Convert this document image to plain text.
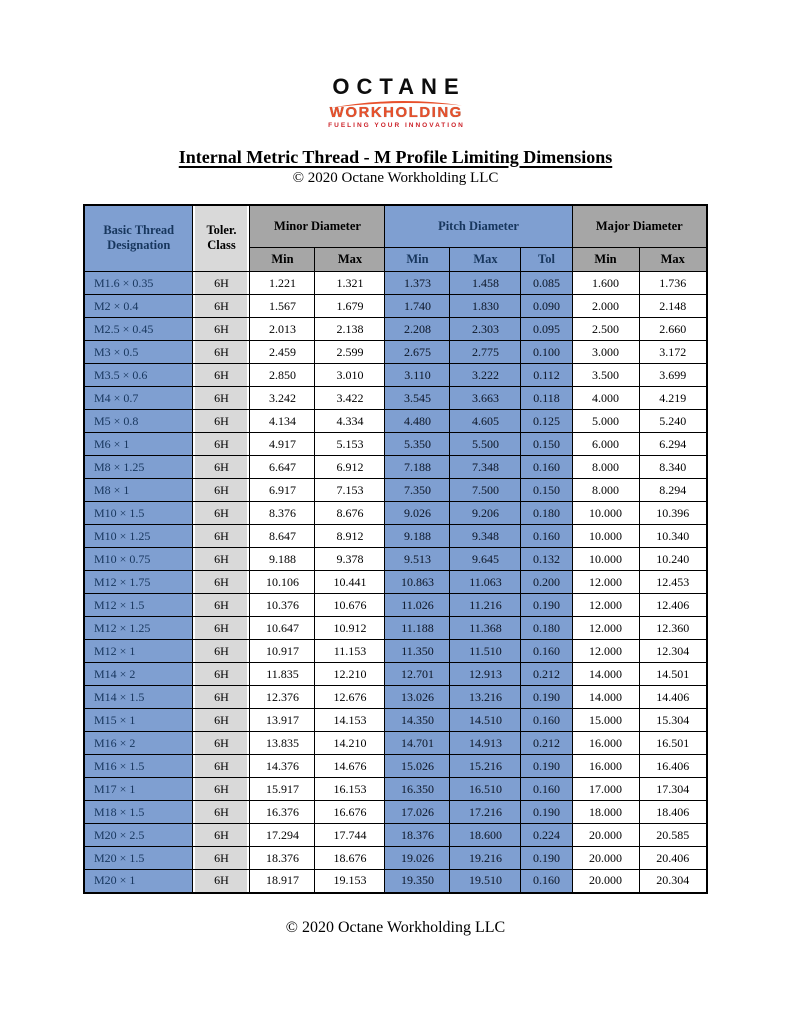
OCTANE
WORKHOLDING
FUELING YOUR INNOVATION
Internal Metric Thread - M Profile Limiting Dimensions
© 2020 Octane Workholding LLC
Basic Thread Designation	Toler. Class	Minor Diameter		Pitch Diameter			Major Diameter	
		Min	Max	Min	Max	Tol	Min	Max
M1.6 × 0.35	6H	1.221	1.321	1.373	1.458	0.085	1.600	1.736
M2 × 0.4	6H	1.567	1.679	1.740	1.830	0.090	2.000	2.148
M2.5 × 0.45	6H	2.013	2.138	2.208	2.303	0.095	2.500	2.660
M3 × 0.5	6H	2.459	2.599	2.675	2.775	0.100	3.000	3.172
M3.5 × 0.6	6H	2.850	3.010	3.110	3.222	0.112	3.500	3.699
M4 × 0.7	6H	3.242	3.422	3.545	3.663	0.118	4.000	4.219
M5 × 0.8	6H	4.134	4.334	4.480	4.605	0.125	5.000	5.240
M6 × 1	6H	4.917	5.153	5.350	5.500	0.150	6.000	6.294
M8 × 1.25	6H	6.647	6.912	7.188	7.348	0.160	8.000	8.340
M8 × 1	6H	6.917	7.153	7.350	7.500	0.150	8.000	8.294
M10 × 1.5	6H	8.376	8.676	9.026	9.206	0.180	10.000	10.396
M10 × 1.25	6H	8.647	8.912	9.188	9.348	0.160	10.000	10.340
M10 × 0.75	6H	9.188	9.378	9.513	9.645	0.132	10.000	10.240
M12 × 1.75	6H	10.106	10.441	10.863	11.063	0.200	12.000	12.453
M12 × 1.5	6H	10.376	10.676	11.026	11.216	0.190	12.000	12.406
M12 × 1.25	6H	10.647	10.912	11.188	11.368	0.180	12.000	12.360
M12 × 1	6H	10.917	11.153	11.350	11.510	0.160	12.000	12.304
M14 × 2	6H	11.835	12.210	12.701	12.913	0.212	14.000	14.501
M14 × 1.5	6H	12.376	12.676	13.026	13.216	0.190	14.000	14.406
M15 × 1	6H	13.917	14.153	14.350	14.510	0.160	15.000	15.304
M16 × 2	6H	13.835	14.210	14.701	14.913	0.212	16.000	16.501
M16 × 1.5	6H	14.376	14.676	15.026	15.216	0.190	16.000	16.406
M17 × 1	6H	15.917	16.153	16.350	16.510	0.160	17.000	17.304
M18 × 1.5	6H	16.376	16.676	17.026	17.216	0.190	18.000	18.406
M20 × 2.5	6H	17.294	17.744	18.376	18.600	0.224	20.000	20.585
M20 × 1.5	6H	18.376	18.676	19.026	19.216	0.190	20.000	20.406
M20 × 1	6H	18.917	19.153	19.350	19.510	0.160	20.000	20.304
© 2020 Octane Workholding LLC
